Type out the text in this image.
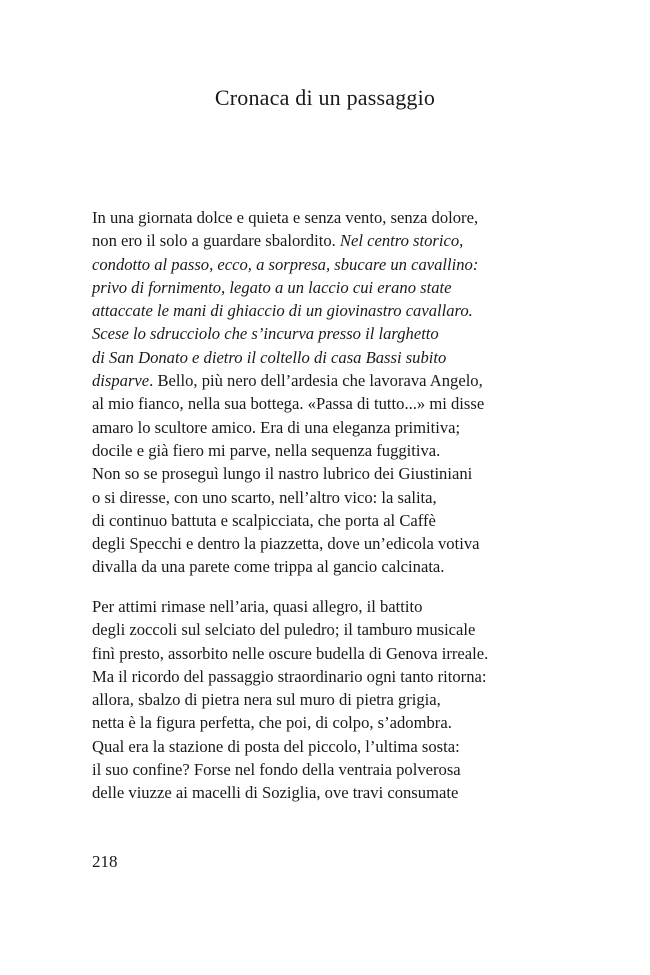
Cronaca di un passaggio
In una giornata dolce e quieta e senza vento, senza dolore,
non ero il solo a guardare sbalordito. Nel centro storico,
condotto al passo, ecco, a sorpresa, sbucare un cavallino:
privo di fornimento, legato a un laccio cui erano state
attaccate le mani di ghiaccio di un giovinastro cavallaro.
Scese lo sdrucciolo che s’incurva presso il larghetto
di San Donato e dietro il coltello di casa Bassi subito
disparve. Bello, più nero dell’ardesia che lavorava Angelo,
al mio fianco, nella sua bottega. «Passa di tutto...» mi disse
amaro lo scultore amico. Era di una eleganza primitiva;
docile e già fiero mi parve, nella sequenza fuggitiva.
Non so se proseguì lungo il nastro lubrico dei Giustiniani
o si diresse, con uno scarto, nell’altro vico: la salita,
di continuo battuta e scalpicciata, che porta al Caffè
degli Specchi e dentro la piazzetta, dove un’edicola votiva
divalla da una parete come trippa al gancio calcinata.
Per attimi rimase nell’aria, quasi allegro, il battito
degli zoccoli sul selciato del puledro; il tamburo musicale
finì presto, assorbito nelle oscure budella di Genova irreale.
Ma il ricordo del passaggio straordinario ogni tanto ritorna:
allora, sbalzo di pietra nera sul muro di pietra grigia,
netta è la figura perfetta, che poi, di colpo, s’adombra.
Qual era la stazione di posta del piccolo, l’ultima sosta:
il suo confine? Forse nel fondo della ventraia polverosa
delle viuzze ai macelli di Soziglia, ove travi consumate
218
